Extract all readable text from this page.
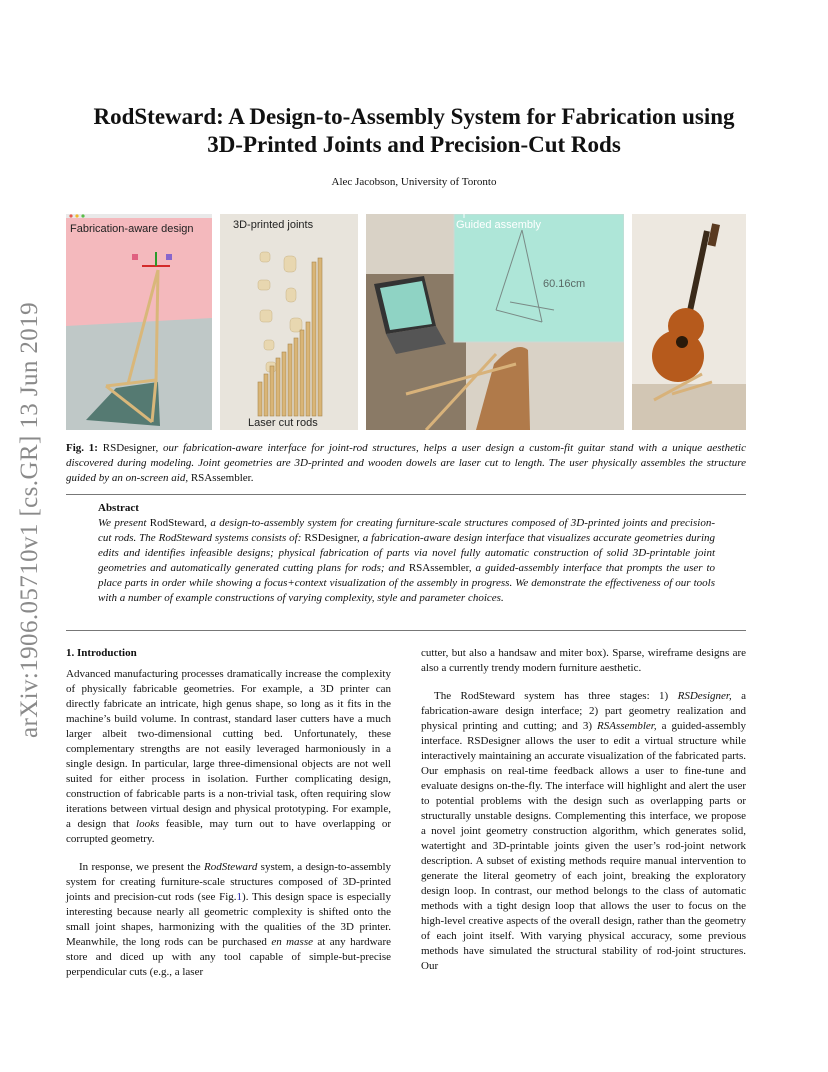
arXiv:1906.05710v1 [cs.GR] 13 Jun 2019
RodSteward: A Design-to-Assembly System for Fabrication using
3D-Printed Joints and Precision-Cut Rods
Alec Jacobson, University of Toronto
Fabrication-aware design	3D-printed joints
Laser cut rods
Guided assembly
60.16cm
Fig. 1: RSDesigner, our fabrication-aware interface for joint-rod structures, helps a user design a custom-fit guitar stand with a unique aesthetic discovered during modeling. Joint geometries are 3D-printed and wooden dowels are laser cut to length. The user physically assembles the structure guided by an on-screen aid, RSAssembler.
Abstract
We present RodSteward, a design-to-assembly system for creating furniture-scale structures composed of 3D-printed joints and precision-cut rods. The RodSteward systems consists of: RSDesigner, a fabrication-aware design interface that visualizes accurate geometries during edits and identifies infeasible designs; physical fabrication of parts via novel fully automatic construction of solid 3D-printable joint geometries and automatically generated cutting plans for rods; and RSAssembler, a guided-assembly interface that prompts the user to place parts in order while showing a focus+context visualization of the assembly in progress. We demonstrate the effectiveness of our tools with a number of example constructions of varying complexity, style and parameter choices.
1. Introduction

Advanced manufacturing processes dramatically increase the complexity of physically fabricable geometries. For example, a 3D printer can directly fabricate an intricate, high genus shape, so long as it fits in the machine’s build volume. In contrast, standard laser cutters have a much larger albeit two-dimensional cutting bed. Unfortunately, these complementary strengths are not easily leveraged harmoniously in a single design. In particular, large three-dimensional objects are not well suited for either process in isolation. Further complicating design, construction of fabricable parts is a non-trivial task, often requiring slow iterations between virtual design and physical prototyping. For example, a design that looks feasible, may turn out to have overlapping or corrupted geometry.

In response, we present the RodSteward system, a design-to-assembly system for creating furniture-scale structures composed of 3D-printed joints and precision-cut rods (see Fig.1). This design space is especially interesting because nearly all geometric complexity is shifted onto the small joint shapes, harmonizing with the qualities of the 3D printer. Meanwhile, the long rods can be purchased en masse at any hardware store and diced up with any tool capable of simple-but-precise perpendicular cuts (e.g., a laser

cutter, but also a handsaw and miter box). Sparse, wireframe designs are also a currently trendy modern furniture aesthetic.

The RodSteward system has three stages: 1) RSDesigner, a fabrication-aware design interface; 2) part geometry realization and physical printing and cutting; and 3) RSAssembler, a guided-assembly interface. RSDesigner allows the user to edit a virtual structure while interactively maintaining an accurate visualization of the fabricated parts. Our emphasis on real-time feedback allows a user to fine-tune and evaluate designs on-the-fly. The interface will highlight and alert the user to potential problems with the design such as overlapping parts or structurally unstable designs. Complementing this interface, we propose a novel joint geometry construction algorithm, which generates solid, watertight and 3D-printable joints given the user’s rod-joint network description. A subset of existing methods require manual intervention to generate the literal geometry of each joint, breaking the exploratory design loop. In contrast, our method belongs to the class of automatic methods with a tight design loop that allows the user to focus on the high-level creative aspects of the overall design, rather than the geometry of each joint itself. With varying physical accuracy, some previous methods have simulated the structural stability of rod-joint structures. Our
